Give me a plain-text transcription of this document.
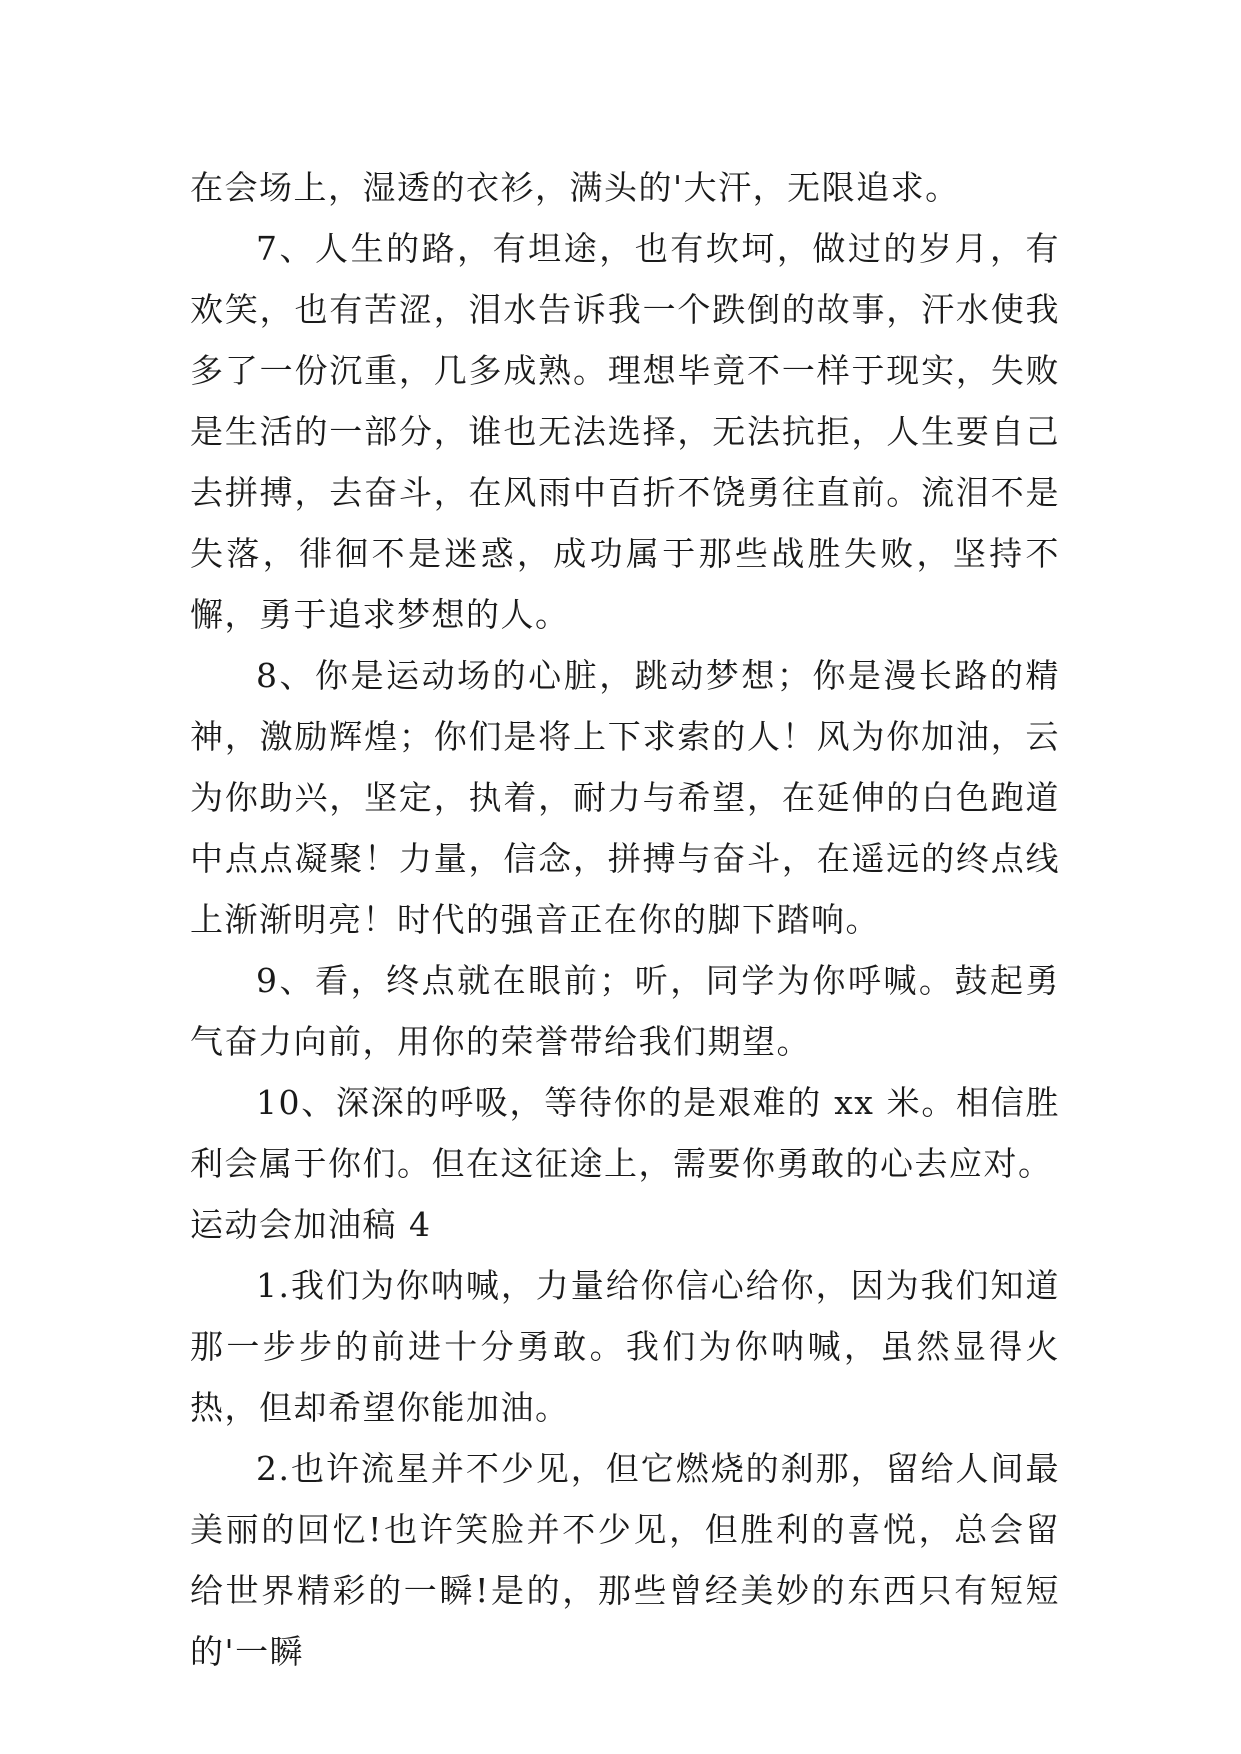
在会场上，湿透的衣衫，满头的'大汗，无限追求。

7、人生的路，有坦途，也有坎坷，做过的岁月，有欢笑，也有苦涩，泪水告诉我一个跌倒的故事，汗水使我多了一份沉重，几多成熟。理想毕竟不一样于现实，失败是生活的一部分，谁也无法选择，无法抗拒，人生要自己去拼搏，去奋斗，在风雨中百折不饶勇往直前。流泪不是失落，徘徊不是迷惑，成功属于那些战胜失败，坚持不懈，勇于追求梦想的人。

8、你是运动场的心脏，跳动梦想；你是漫长路的精神，激励辉煌；你们是将上下求索的人！风为你加油，云为你助兴，坚定，执着，耐力与希望，在延伸的白色跑道中点点凝聚！力量，信念，拼搏与奋斗，在遥远的终点线上渐渐明亮！时代的强音正在你的脚下踏响。

9、看，终点就在眼前；听，同学为你呼喊。鼓起勇气奋力向前，用你的荣誉带给我们期望。

10、深深的呼吸，等待你的是艰难的 xx 米。相信胜利会属于你们。但在这征途上，需要你勇敢的心去应对。

运动会加油稿 4

1.我们为你呐喊，力量给你信心给你，因为我们知道那一步步的前进十分勇敢。我们为你呐喊，虽然显得火热，但却希望你能加油。

2.也许流星并不少见，但它燃烧的刹那，留给人间最美丽的回忆!也许笑脸并不少见，但胜利的喜悦，总会留给世界精彩的一瞬!是的，那些曾经美妙的东西只有短短的'一瞬
